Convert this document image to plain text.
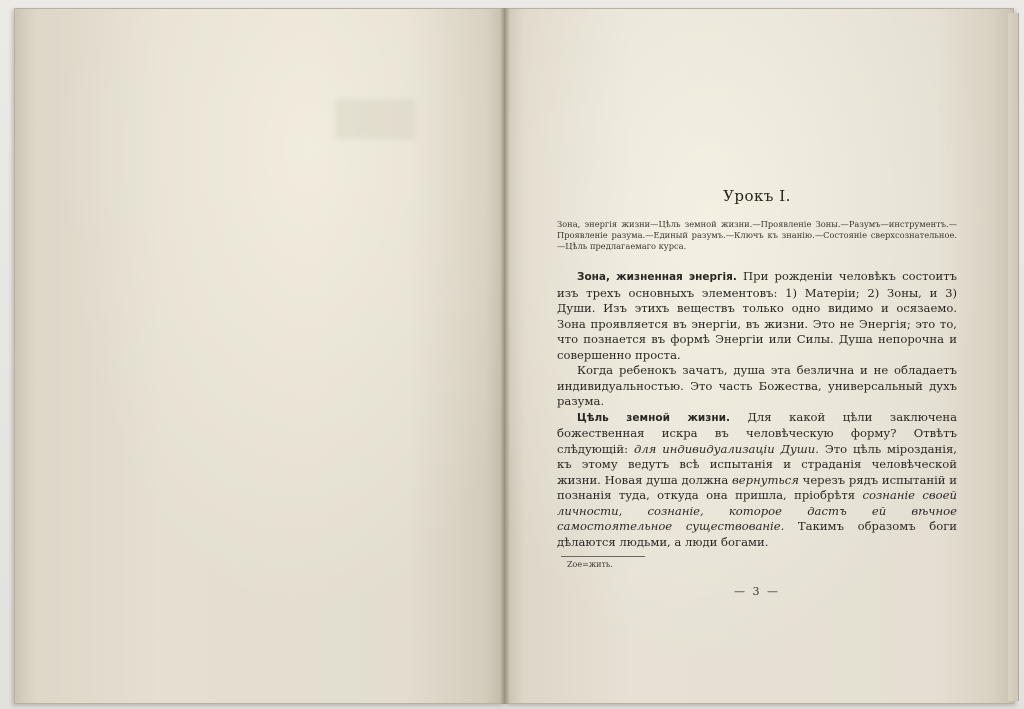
Урокъ I.
Зона, энергія жизни—Цѣль земной жизни.—Проявленіе Зоны.—Разумъ—инструментъ.—Проявленіе разума.—Единый разумъ.—Ключъ къ знанію.—Состояніе сверхсознательное.—Цѣль предлагаемаго курса.

Зона, жизненная энергія. При рожденіи человѣкъ состоитъ изъ трехъ основныхъ элементовъ: 1) Матеріи; 2) Зоны, и 3) Души. Изъ этихъ веществъ только одно видимо и осязаемо. Зона проявляется въ энергіи, въ жизни. Это не Энергія; это то, что познается въ формѣ Энергіи или Силы. Душа непорочна и совершенно проста.

Когда ребенокъ зачатъ, душа эта безлична и не обладаетъ индивидуальностью. Это часть Божества, универсальный духъ разума.

Цѣль земной жизни. Для какой цѣли заключена божественная искра въ человѣческую форму? Отвѣтъ слѣдующій: для индивидуализаціи Души. Это цѣль мірозданія, къ этому ведутъ всѣ испытанія и страданія человѣческой жизни. Новая душа должна вернуться черезъ рядъ испытаній и познанія туда, откуда она пришла, пріобрѣтя сознаніе своей личности, сознаніе, которое дастъ ей вѣчное самостоятельное существованіе. Такимъ образомъ боги дѣлаются людьми, а люди богами.

Zoe=жить.
— 3 —
